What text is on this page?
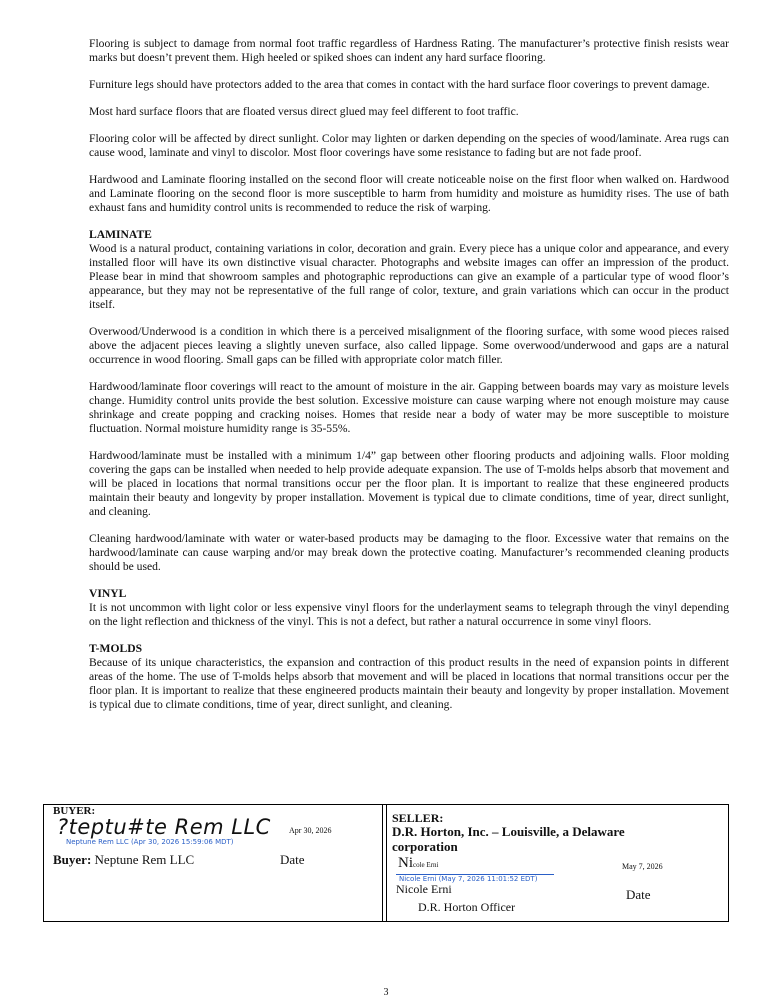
Flooring is subject to damage from normal foot traffic regardless of Hardness Rating. The manufacturer’s protective finish resists wear marks but doesn’t prevent them. High heeled or spiked shoes can indent any hard surface flooring.

Furniture legs should have protectors added to the area that comes in contact with the hard surface floor coverings to prevent damage.

Most hard surface floors that are floated versus direct glued may feel different to foot traffic.

Flooring color will be affected by direct sunlight. Color may lighten or darken depending on the species of wood/laminate. Area rugs can cause wood, laminate and vinyl to discolor. Most floor coverings have some resistance to fading but are not fade proof.

Hardwood and Laminate flooring installed on the second floor will create noticeable noise on the first floor when walked on. Hardwood and Laminate flooring on the second floor is more susceptible to harm from humidity and moisture as humidity rises. The use of bath exhaust fans and humidity control units is recommended to reduce the risk of warping.

LAMINATE

Wood is a natural product, containing variations in color, decoration and grain. Every piece has a unique color and appearance, and every installed floor will have its own distinctive visual character. Photographs and website images can offer an impression of the product. Please bear in mind that showroom samples and photographic reproductions can give an example of a particular type of wood floor’s appearance, but they may not be representative of the full range of color, texture, and grain variations which can occur in the product itself.

Overwood/Underwood is a condition in which there is a perceived misalignment of the flooring surface, with some wood pieces raised above the adjacent pieces leaving a slightly uneven surface, also called lippage. Some overwood/underwood and gaps are a natural occurrence in wood flooring. Small gaps can be filled with appropriate color match filler.

Hardwood/laminate floor coverings will react to the amount of moisture in the air. Gapping between boards may vary as moisture levels change. Humidity control units provide the best solution. Excessive moisture can cause warping where not enough moisture may cause shrinkage and create popping and cracking noises. Homes that reside near a body of water may be more susceptible to moisture fluctuation. Normal moisture humidity range is 35-55%.

Hardwood/laminate must be installed with a minimum 1/4” gap between other flooring products and adjoining walls. Floor molding covering the gaps can be installed when needed to help provide adequate expansion. The use of T-molds helps absorb that movement and will be placed in locations that normal transitions occur per the floor plan. It is important to realize that these engineered products maintain their beauty and longevity by proper installation. Movement is typical due to climate conditions, time of year, direct sunlight, and cleaning.

Cleaning hardwood/laminate with water or water-based products may be damaging to the floor. Excessive water that remains on the hardwood/laminate can cause warping and/or may break down the protective coating. Manufacturer’s recommended cleaning products should be used.

VINYL

It is not uncommon with light color or less expensive vinyl floors for the underlayment seams to telegraph through the vinyl depending on the light reflection and thickness of the vinyl. This is not a defect, but rather a natural occurrence in some vinyl floors.

T-MOLDS

Because of its unique characteristics, the expansion and contraction of this product results in the need of expansion points in different areas of the home. The use of T-molds helps absorb that movement and will be placed in locations that normal transitions occur per the floor plan. It is important to realize that these engineered products maintain their beauty and longevity by proper installation. Movement is typical due to climate conditions, time of year, direct sunlight, and cleaning.

BUYER:
?teptu#te Rem LLC
Neptune Rem LLC (Apr 30, 2026 15:59:06 MDT)
Apr 30, 2026
Buyer: Neptune Rem LLC	Date
SELLER:
D.R. Horton, Inc. – Louisville, a Delaware corporation
Nicole Erni
Nicole Erni (May 7, 2026 11:01:52 EDT)
May 7, 2026
Nicole Erni	Date
D.R. Horton Officer
3
